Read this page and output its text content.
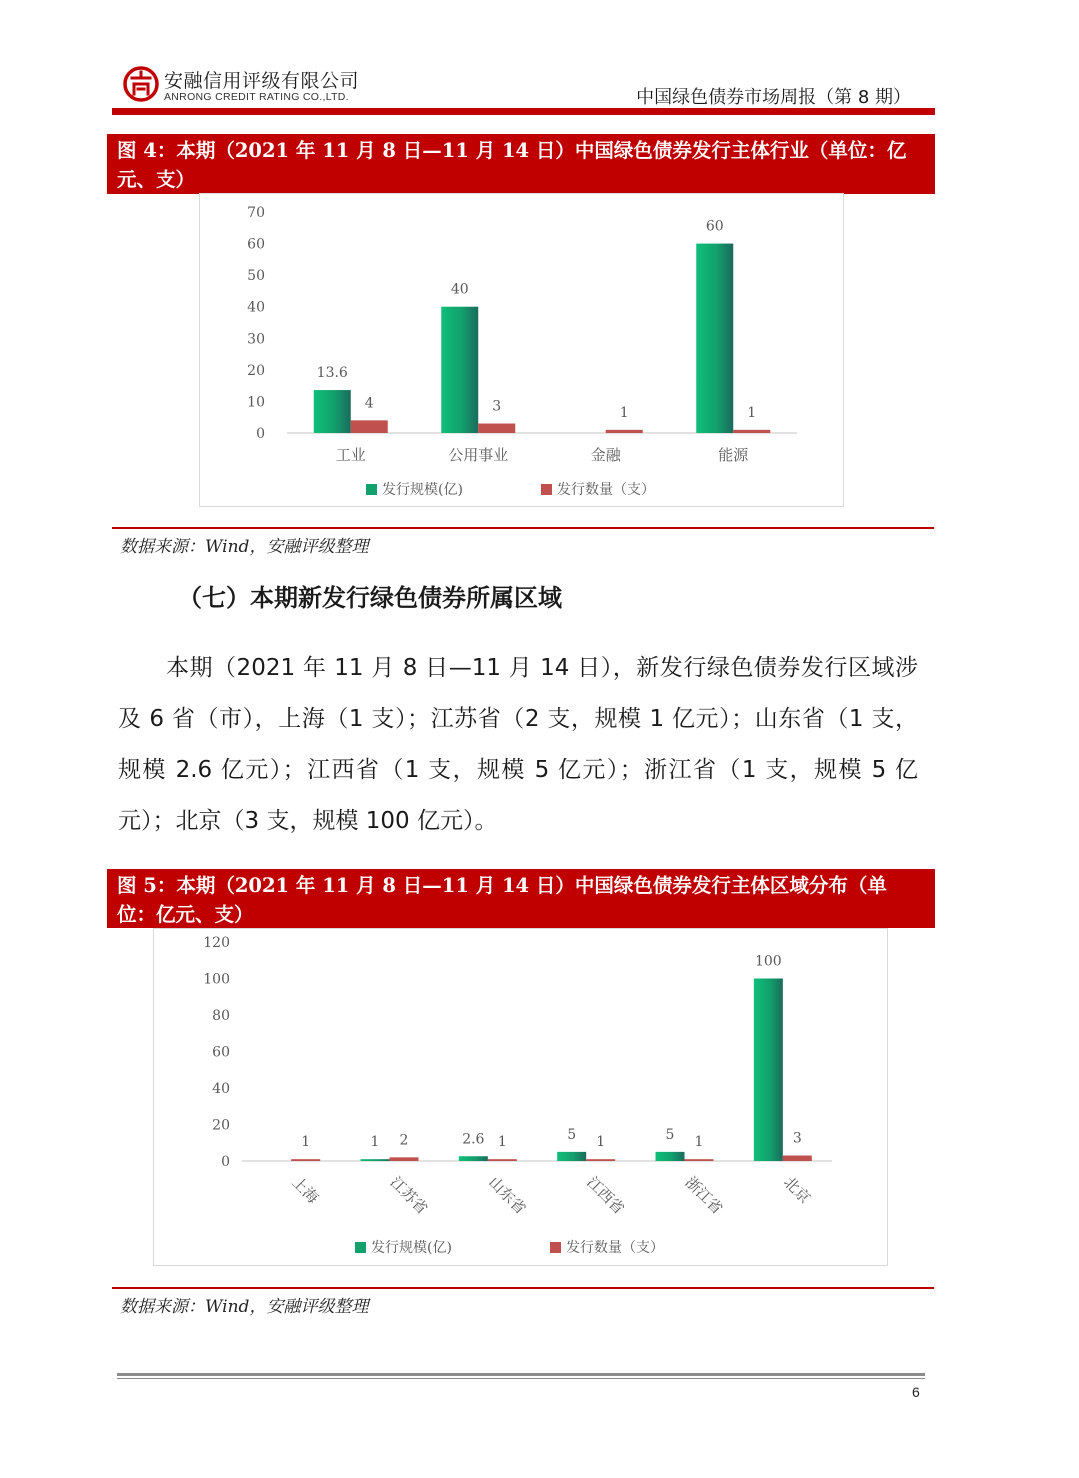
安融信用评级有限公司
ANRONG CREDIT RATING CO.,LTD.	中国绿色债券市场周报（第 8 期）
图 4：本期（2021 年 11 月 8 日—11 月 14 日）中国绿色债券发行主体行业（单位：亿元、支）
0
10
20
30
40
50
60
70
13.6
4
工业
40
3
公用事业
1
金融
60
1
能源
发行规模(亿)	发行数量（支）
数据来源：Wind，安融评级整理
（七）本期新发行绿色债券所属区域
本期（2021 年 11 月 8 日—11 月 14 日），新发行绿色债券发行区域涉及 6 省（市），上海（1 支）；江苏省（2 支，规模 1 亿元）；山东省（1 支，规模 2.6 亿元）；江西省（1 支，规模 5 亿元）；浙江省（1 支，规模 5 亿元）；北京（3 支，规模 100 亿元）。
图 5：本期（2021 年 11 月 8 日—11 月 14 日）中国绿色债券发行主体区域分布（单位：亿元、支）
0
20
40
60
80
100
120
1
上海
1 2
江苏省
2.6 1
山东省
5 1
江西省
5 1
浙江省
100
3
北京
发行规模(亿)	发行数量（支）
数据来源：Wind，安融评级整理
6
